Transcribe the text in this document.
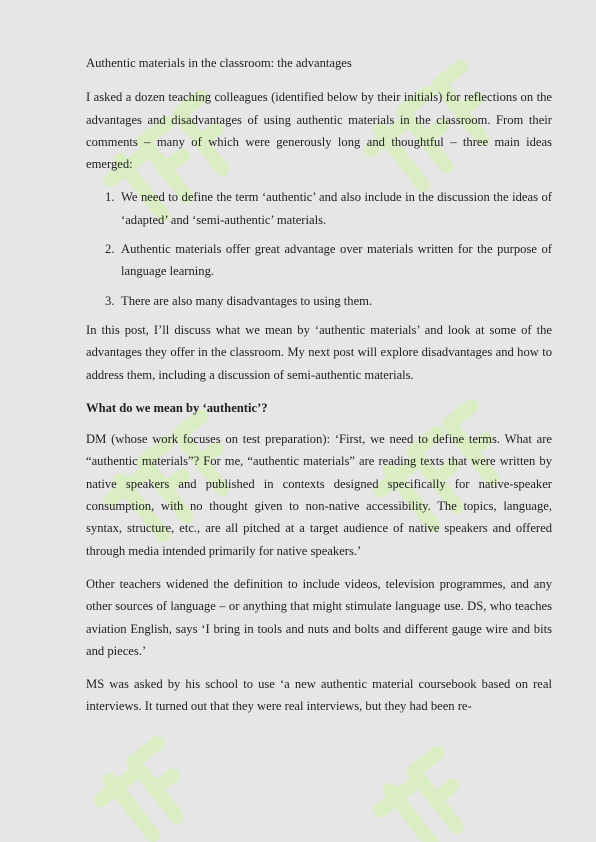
Authentic materials in the classroom: the advantages

I asked a dozen teaching colleagues (identified below by their initials) for reflections on the advantages and disadvantages of using authentic materials in the classroom. From their comments – many of which were generously long and thoughtful – three main ideas emerged:

1. We need to define the term ‘authentic’ and also include in the discussion the ideas of ‘adapted’ and ‘semi-authentic’ materials.
2. Authentic materials offer great advantage over materials written for the purpose of language learning.
3. There are also many disadvantages to using them.

In this post, I’ll discuss what we mean by ‘authentic materials’ and look at some of the advantages they offer in the classroom. My next post will explore disadvantages and how to address them, including a discussion of semi-authentic materials.

What do we mean by ‘authentic’?

DM (whose work focuses on test preparation): ‘First, we need to define terms. What are “authentic materials”? For me, “authentic materials” are reading texts that were written by native speakers and published in contexts designed specifically for native-speaker consumption, with no thought given to non-native accessibility. The topics, language, syntax, structure, etc., are all pitched at a target audience of native speakers and offered through media intended primarily for native speakers.’

Other teachers widened the definition to include videos, television programmes, and any other sources of language – or anything that might stimulate language use. DS, who teaches aviation English, says ‘I bring in tools and nuts and bolts and different gauge wire and bits and pieces.’

MS was asked by his school to use ‘a new authentic material coursebook based on real interviews. It turned out that they were real interviews, but they had been re-
